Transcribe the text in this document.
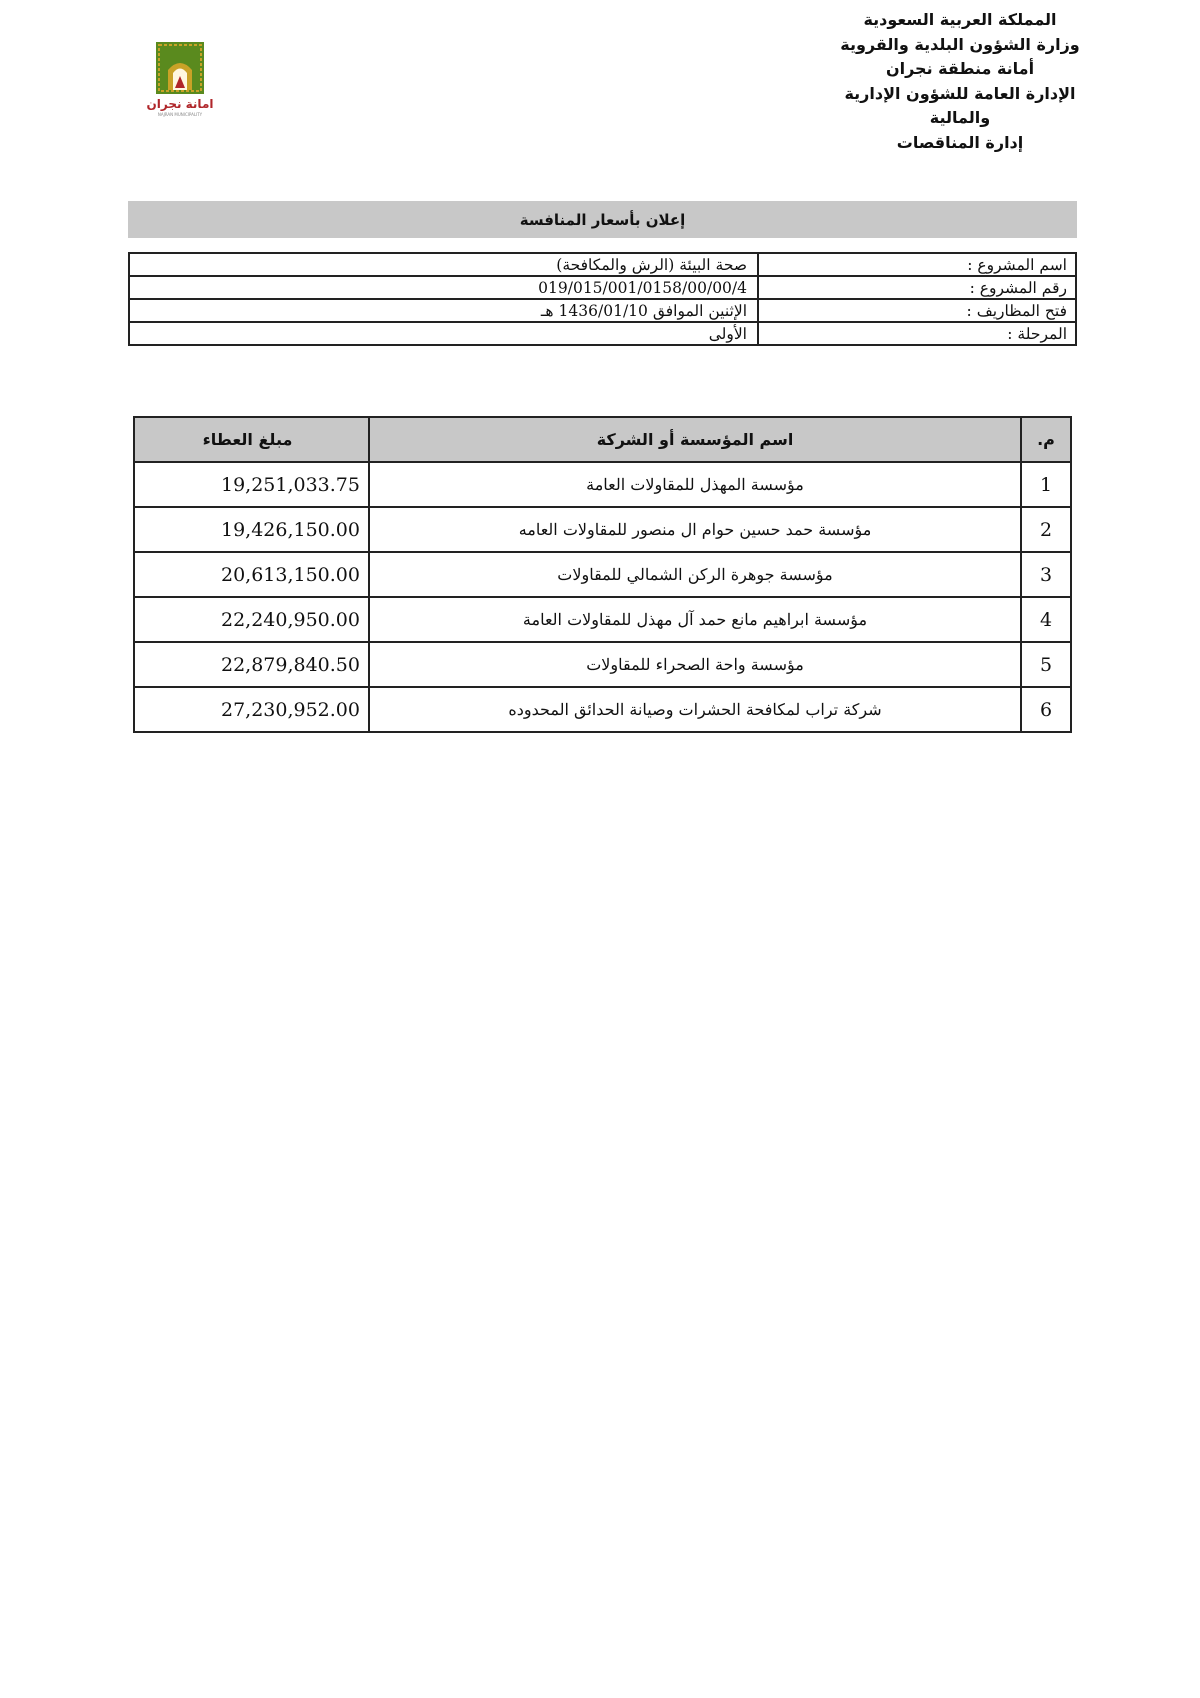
المملكة العربية السعودية
وزارة الشؤون البلدية والقروية
أمانة منطقة نجران
الإدارة العامة للشؤون الإدارية
والمالية
إدارة المناقصات
امانة نجران
NAJRAN MUNICIPALITY
إعلان بأسعار المنافسة
اسم المشروع :	صحة البيئة (الرش والمكافحة)
رقم المشروع :	019/015/001/0158/00/00/4
فتح المظاريف :	الإثنين الموافق 1436/01/10 هـ
المرحلة :	الأولى
م.	اسم المؤسسة أو الشركة	مبلغ العطاء
1	مؤسسة المهذل للمقاولات العامة	19,251,033.75
2	مؤسسة حمد حسين حوام ال منصور للمقاولات العامه	19,426,150.00
3	مؤسسة جوهرة الركن الشمالي للمقاولات	20,613,150.00
4	مؤسسة ابراهيم مانع حمد آل مهذل للمقاولات العامة	22,240,950.00
5	مؤسسة واحة الصحراء للمقاولات	22,879,840.50
6	شركة تراب لمكافحة الحشرات وصيانة الحدائق المحدوده	27,230,952.00
